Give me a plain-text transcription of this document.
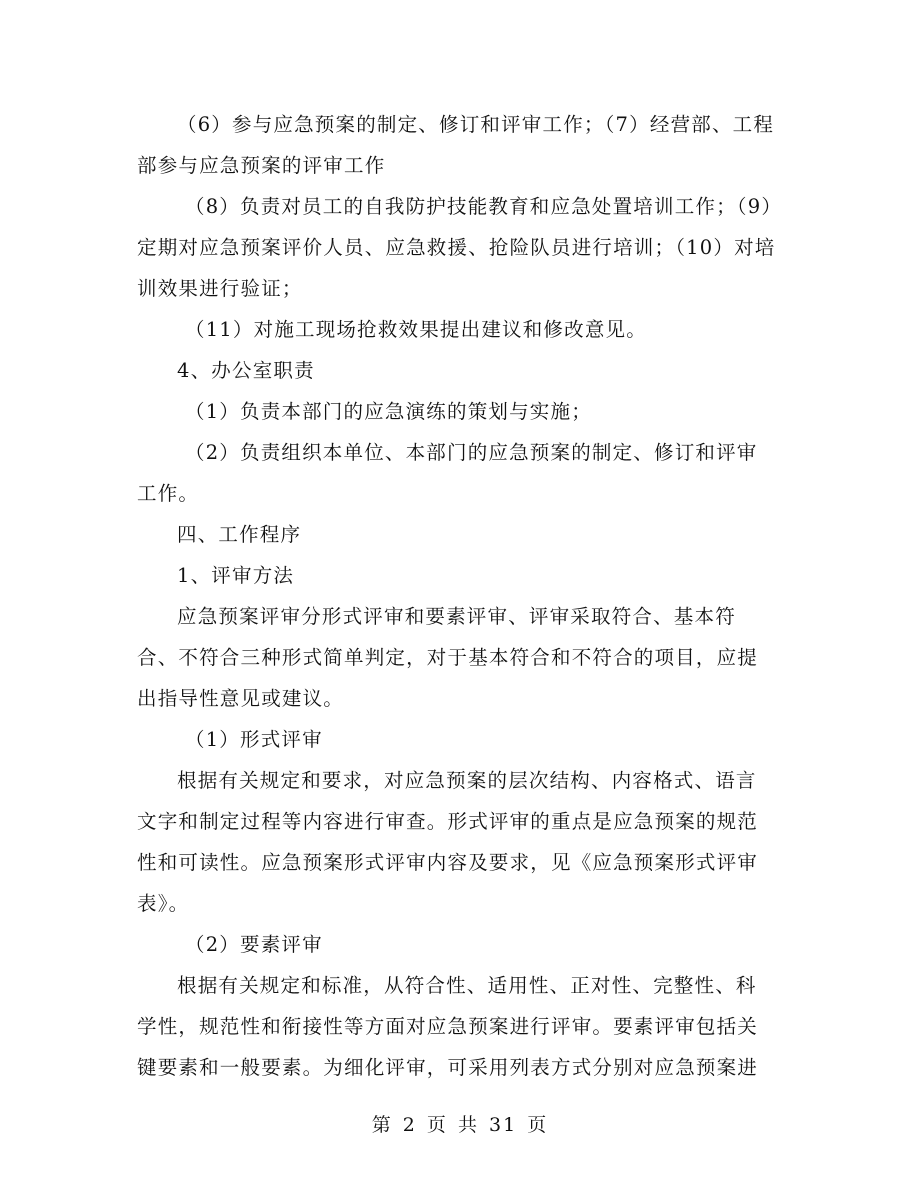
（6）参与应急预案的制定、修订和评审工作；（7）经营部、工程部参与应急预案的评审工作

（8）负责对员工的自我防护技能教育和应急处置培训工作；（9）定期对应急预案评价人员、应急救援、抢险队员进行培训；（10）对培训效果进行验证；

（11）对施工现场抢救效果提出建议和修改意见。

4、办公室职责

（1）负责本部门的应急演练的策划与实施；

（2）负责组织本单位、本部门的应急预案的制定、修订和评审工作。

四、工作程序

1、评审方法

应急预案评审分形式评审和要素评审、评审采取符合、基本符合、不符合三种形式简单判定，对于基本符合和不符合的项目，应提出指导性意见或建议。

（1）形式评审

根据有关规定和要求，对应急预案的层次结构、内容格式、语言文字和制定过程等内容进行审查。形式评审的重点是应急预案的规范性和可读性。应急预案形式评审内容及要求，见《应急预案形式评审表》。

（2）要素评审

根据有关规定和标准，从符合性、适用性、正对性、完整性、科学性，规范性和衔接性等方面对应急预案进行评审。要素评审包括关键要素和一般要素。为细化评审，可采用列表方式分别对应急预案进

第 2 页 共 31 页
